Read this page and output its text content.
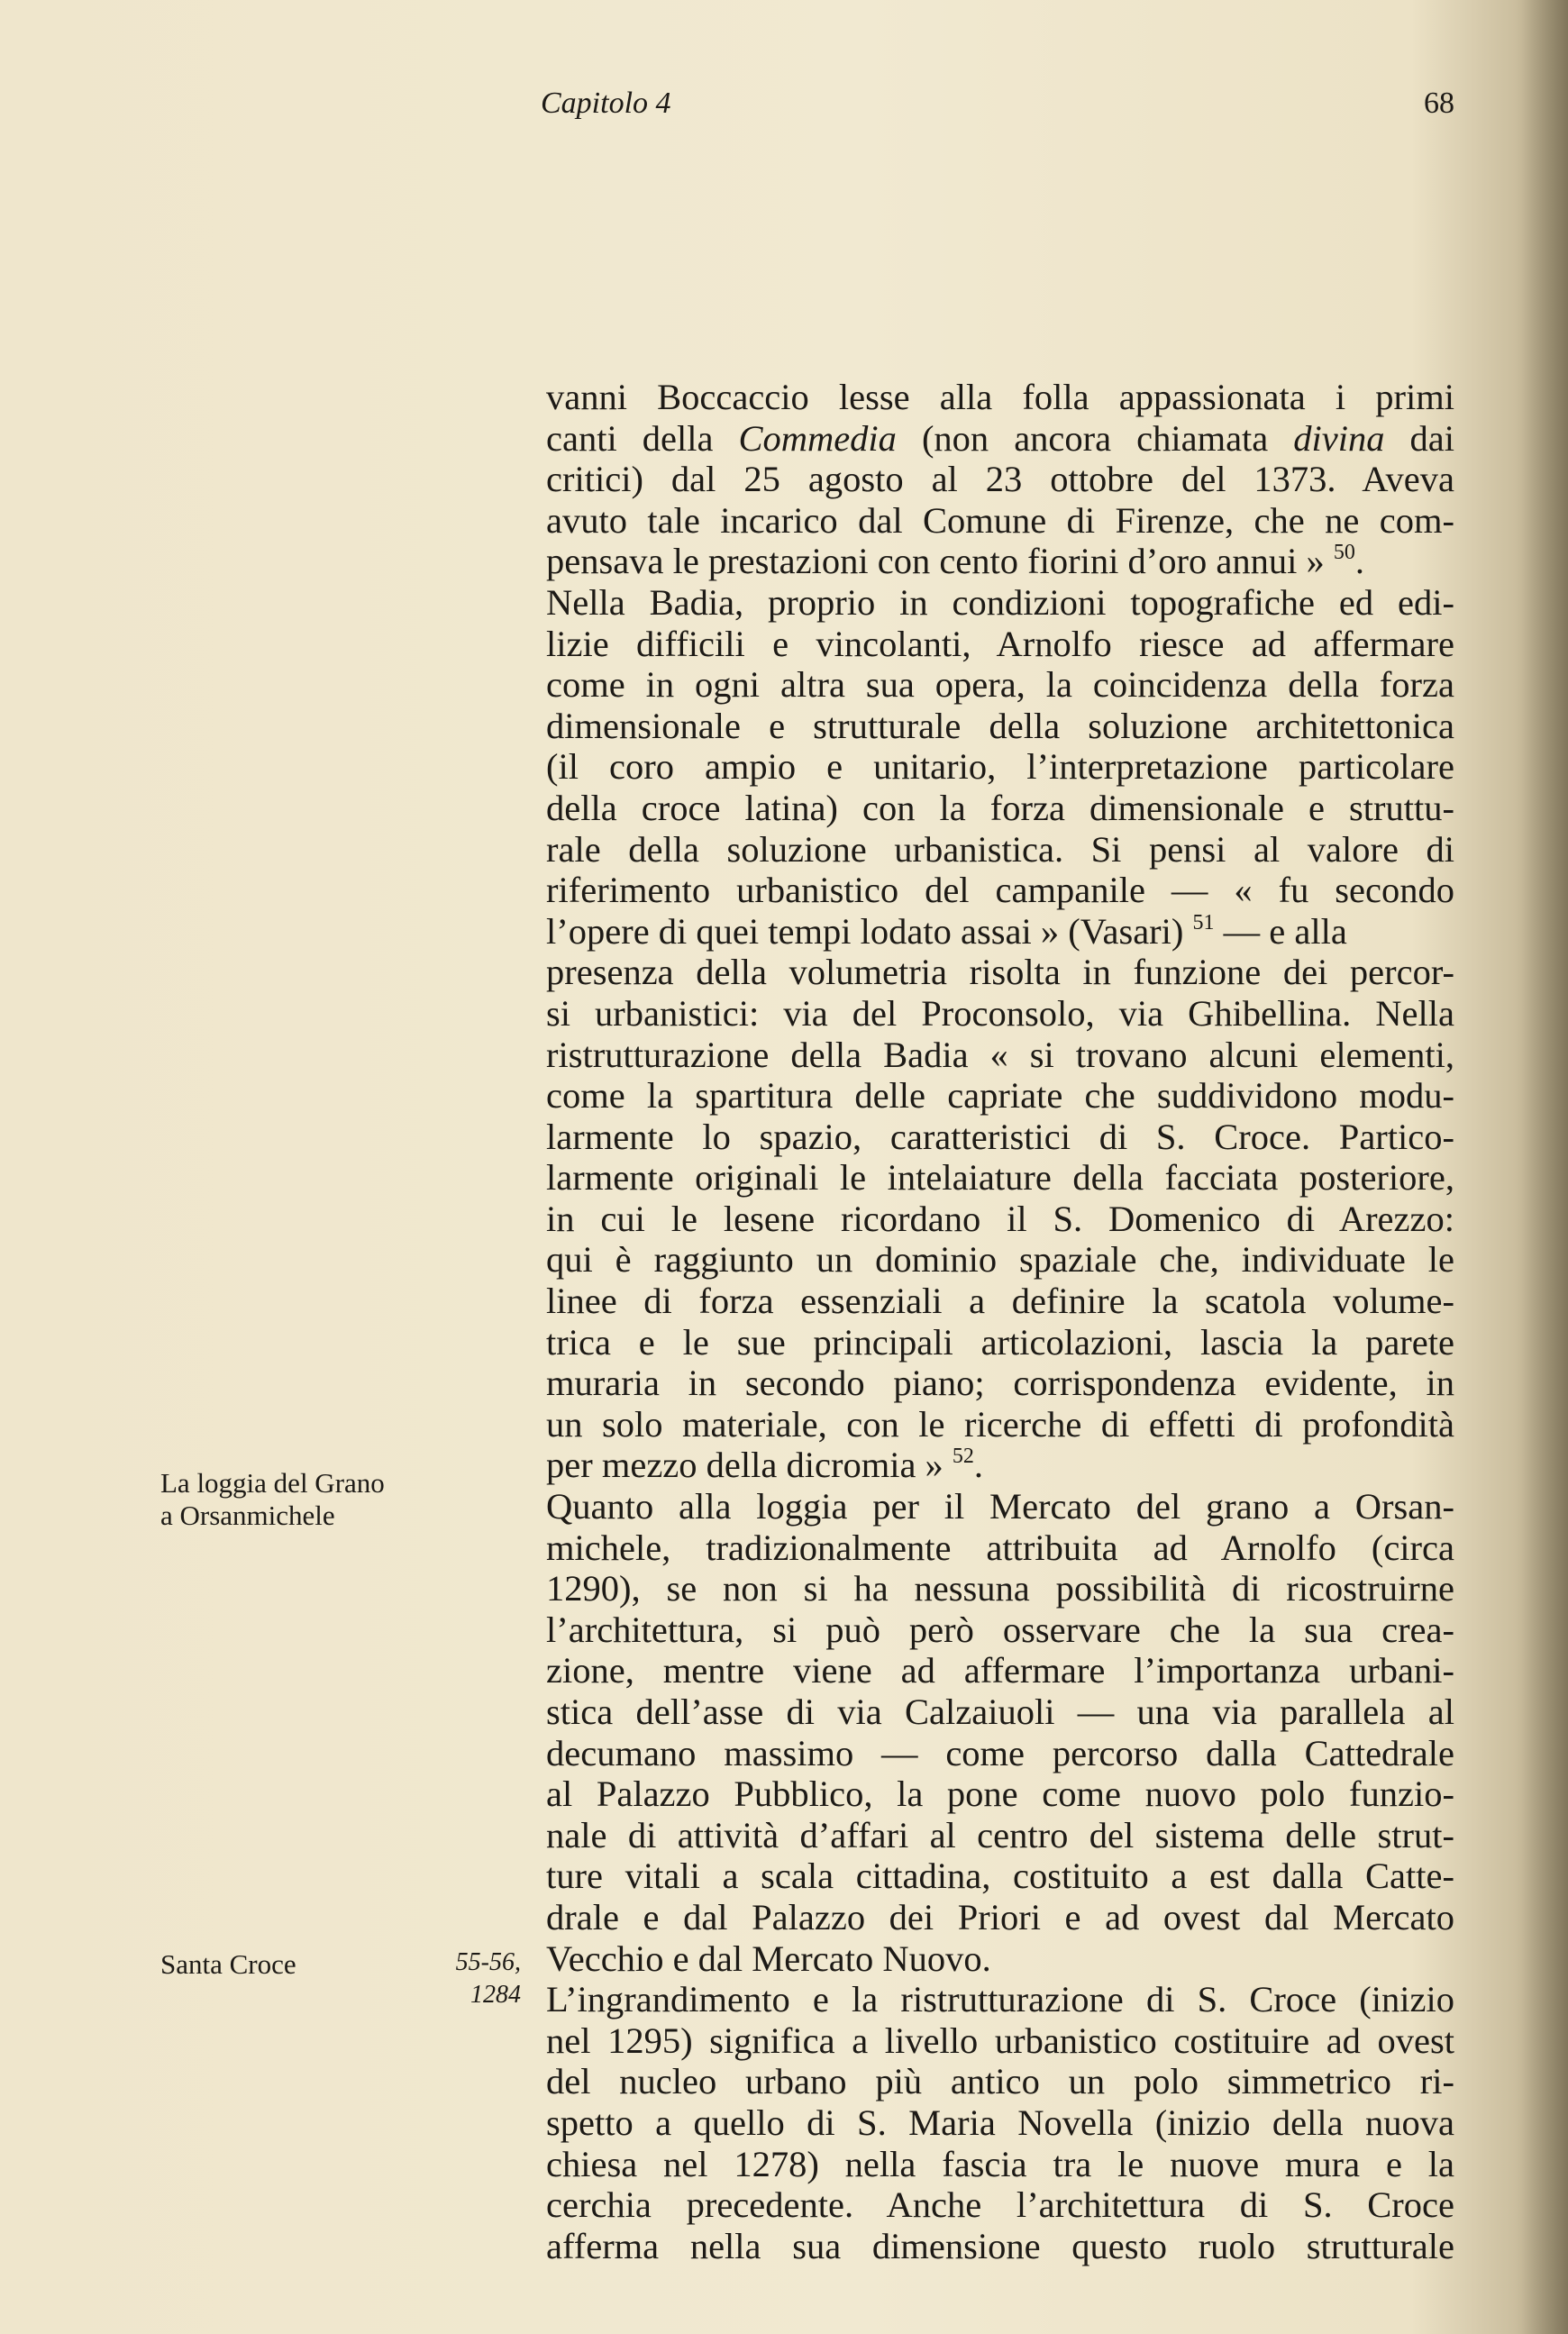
Capitolo 4	68
vanni Boccaccio lesse alla folla appassionata i primi
canti della Commedia (non ancora chiamata divina dai
critici) dal 25 agosto al 23 ottobre del 1373. Aveva
avuto tale incarico dal Comune di Firenze, che ne com-
pensava le prestazioni con cento fiorini d’oro annui » $^{50}$.
Nella Badia, proprio in condizioni topografiche ed edi-
lizie difficili e vincolanti, Arnolfo riesce ad affermare
come in ogni altra sua opera, la coincidenza della forza
dimensionale e strutturale della soluzione architettonica
(il coro ampio e unitario, l’interpretazione particolare
della croce latina) con la forza dimensionale e struttu-
rale della soluzione urbanistica. Si pensi al valore di
riferimento urbanistico del campanile — « fu secondo
l’opere di quei tempi lodato assai » (Vasari) $^{51}$ — e alla
presenza della volumetria risolta in funzione dei percor-
si urbanistici: via del Proconsolo, via Ghibellina. Nella
ristrutturazione della Badia « si trovano alcuni elementi,
come la spartitura delle capriate che suddividono modu-
larmente lo spazio, caratteristici di S. Croce. Partico-
larmente originali le intelaiature della facciata posteriore,
in cui le lesene ricordano il S. Domenico di Arezzo:
qui è raggiunto un dominio spaziale che, individuate le
linee di forza essenziali a definire la scatola volume-
trica e le sue principali articolazioni, lascia la parete
muraria in secondo piano; corrispondenza evidente, in
un solo materiale, con le ricerche di effetti di profondità
per mezzo della dicromia » $^{52}$.
Quanto alla loggia per il Mercato del grano a Orsan-
michele, tradizionalmente attribuita ad Arnolfo (circa
1290), se non si ha nessuna possibilità di ricostruirne
l’architettura, si può però osservare che la sua crea-
zione, mentre viene ad affermare l’importanza urbani-
stica dell’asse di via Calzaiuoli — una via parallela al
decumano massimo — come percorso dalla Cattedrale
al Palazzo Pubblico, la pone come nuovo polo funzio-
nale di attività d’affari al centro del sistema delle strut-
ture vitali a scala cittadina, costituito a est dalla Catte-
drale e dal Palazzo dei Priori e ad ovest dal Mercato
Vecchio e dal Mercato Nuovo.
L’ingrandimento e la ristrutturazione di S. Croce (inizio
nel 1295) significa a livello urbanistico costituire ad ovest
del nucleo urbano più antico un polo simmetrico ri-
spetto a quello di S. Maria Novella (inizio della nuova
chiesa nel 1278) nella fascia tra le nuove mura e la
cerchia precedente. Anche l’architettura di S. Croce
afferma nella sua dimensione questo ruolo strutturale
La loggia del Grano
a Orsanmichele
Santa Croce	55-56,
1284
